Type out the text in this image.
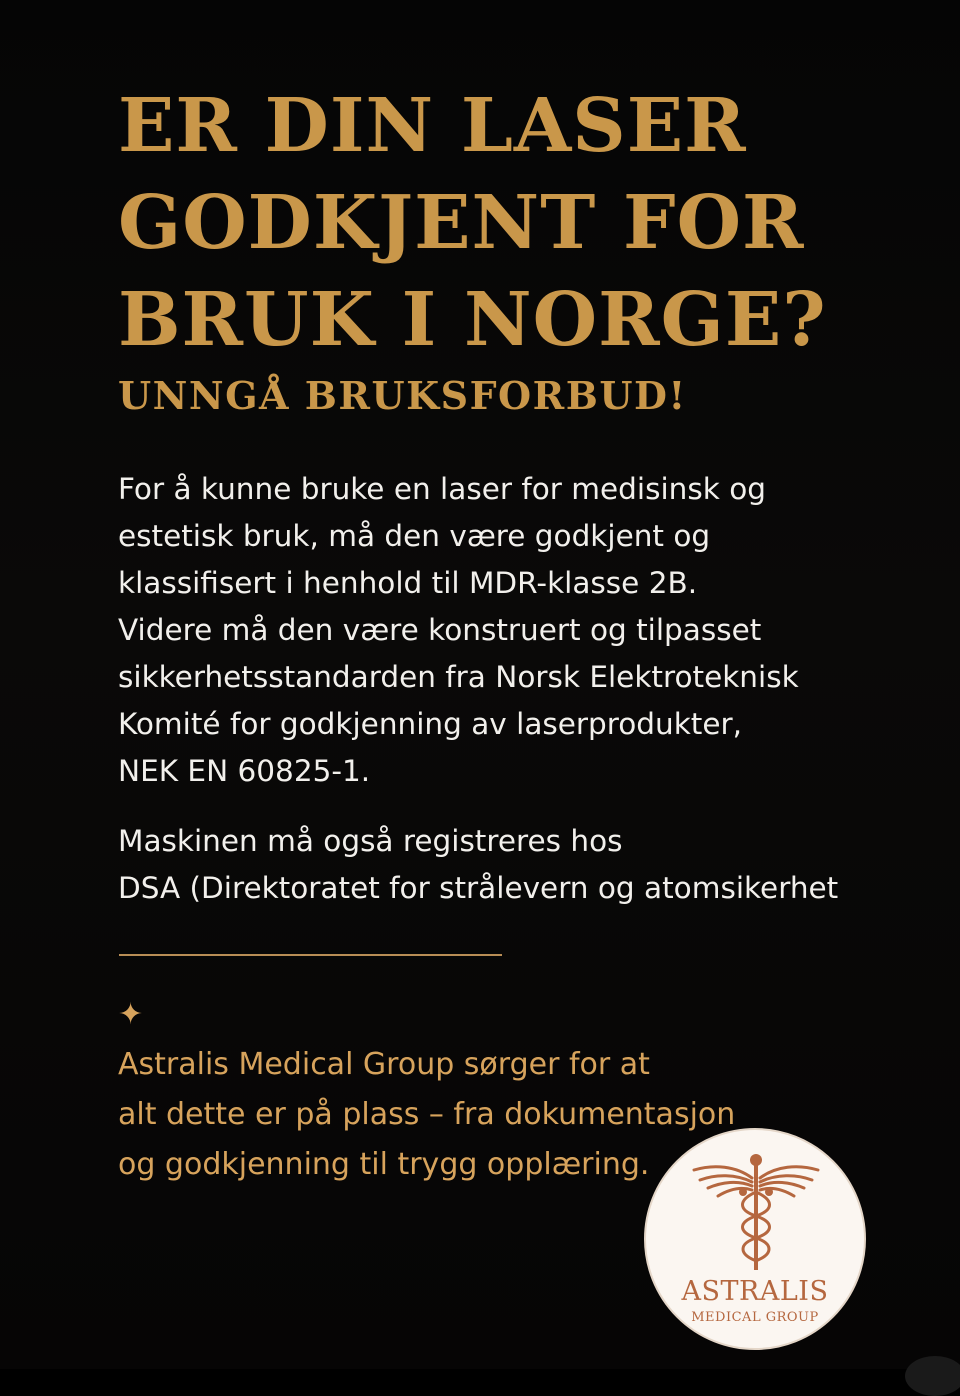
ER DIN LASER
GODKJENT FOR
BRUK I NORGE?
UNNGÅ BRUKSFORBUD!

For å kunne bruke en laser for medisinsk og
estetisk bruk, må den være godkjent og
klassifisert i henhold til MDR-klasse 2B.
Videre må den være konstruert og tilpasset
sikkerhetsstandarden fra Norsk Elektroteknisk
Komité for godkjenning av laserprodukter,
NEK EN 60825-1.

Maskinen må også registreres hos
DSA (Direktoratet for strålevern og atomsikerhet

✦
Astralis Medical Group sørger for at
alt dette er på plass – fra dokumentasjon
og godkjenning til trygg opplæring.

ASTRALIS
MEDICAL GROUP
